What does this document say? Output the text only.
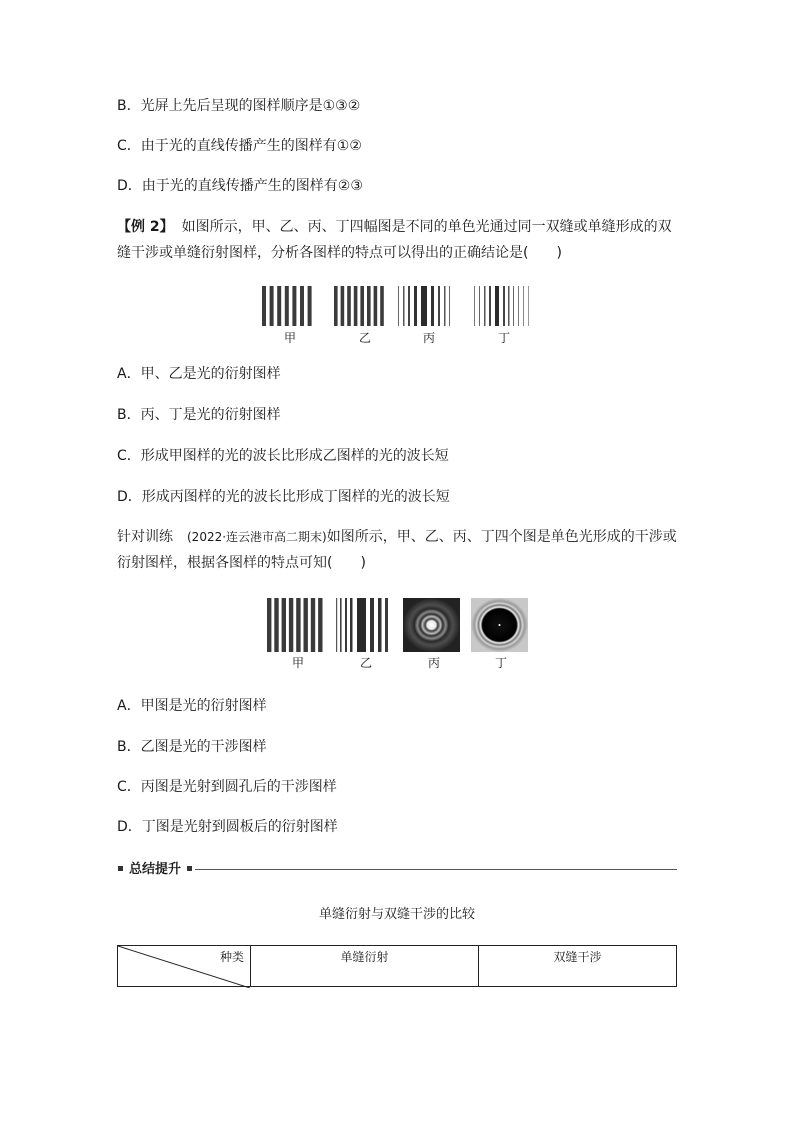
B．光屏上先后呈现的图样顺序是①③②
C．由于光的直线传播产生的图样有①②
D．由于光的直线传播产生的图样有②③
【例 2】 如图所示，甲、乙、丙、丁四幅图是不同的单色光通过同一双缝或单缝形成的双缝干涉或单缝衍射图样，分析各图样的特点可以得出的正确结论是(　　)
甲	乙	丙	丁
A．甲、乙是光的衍射图样
B．丙、丁是光的衍射图样
C．形成甲图样的光的波长比形成乙图样的光的波长短
D．形成丙图样的光的波长比形成丁图样的光的波长短
针对训练 (2022·连云港市高二期末)如图所示，甲、乙、丙、丁四个图是单色光形成的干涉或衍射图样，根据各图样的特点可知(　　)
甲	乙	丙	丁
A．甲图是光的衍射图样
B．乙图是光的干涉图样
C．丙图是光射到圆孔后的干涉图样
D．丁图是光射到圆板后的衍射图样
总结提升
单缝衍射与双缝干涉的比较
种类	单缝衍射	双缝干涉
